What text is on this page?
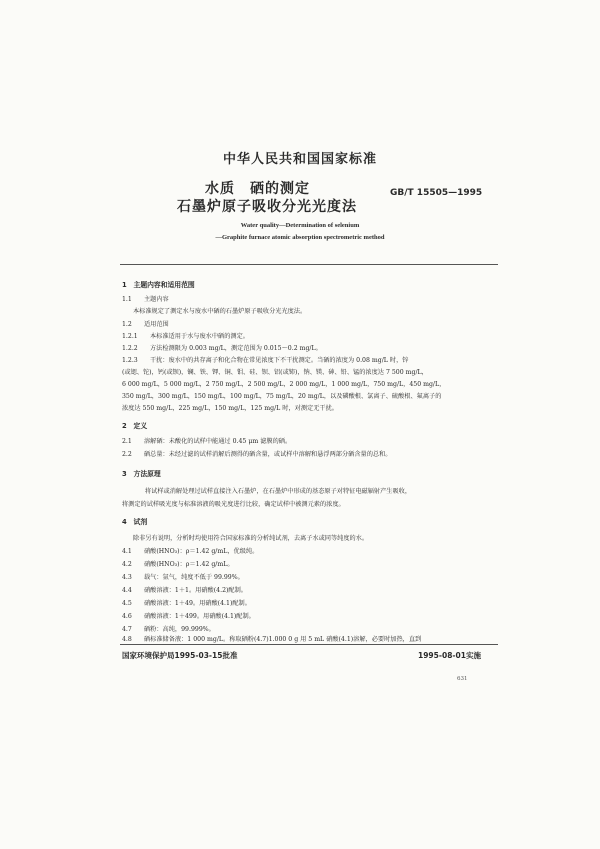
中华人民共和国国家标准
水质　硒的测定
石墨炉原子吸收分光光度法
GB/T 15505—1995
Water quality—Determination of selenium
—Graphite furnace atomic absorption spectrometric method
1　主题内容和适用范围
1.1 主题内容
本标准规定了测定水与废水中硒的石墨炉原子吸收分光光度法。
1.2 适用范围
1.2.1 本标准适用于水与废水中硒的测定。
1.2.2 方法检测限为 0.003 mg/L，测定范围为 0.015～0.2 mg/L。
1.2.3 干扰：废水中的共存离子和化合物在常见浓度下不干扰测定。当硒的浓度为 0.08 mg/L 时，锌
(或锶、铊)，钙(或钡)，镧、铁、钾、铜、钼、硅、钡、铝(或铈)，钠、镁、砷、铅、锰的浓度达 7 500 mg/L，
6 000 mg/L，5 000 mg/L，2 750 mg/L，2 500 mg/L，2 000 mg/L，1 000 mg/L，750 mg/L，450 mg/L，
350 mg/L，300 mg/L，150 mg/L，100 mg/L，75 mg/L，20 mg/L，以及磷酸根、氯离子、硫酸根、氟离子的
浓度达 550 mg/L，225 mg/L，150 mg/L，125 mg/L 时，对测定无干扰。
2　定义
2.1 溶解硒：未酸化的试样中能通过 0.45 μm 滤膜的硒。
2.2 硒总量：未经过滤的试样消解后测得的硒含量，或试样中溶解和悬浮两部分硒含量的总和。
3　方法原理
将试样或消解处理过试样直接注入石墨炉，在石墨炉中形成的基态原子对特征电磁辐射产生吸收，
将测定的试样吸光度与标准溶液的吸光度进行比较，确定试样中被测元素的浓度。
4　试剂
除非另有说明，分析时均使用符合国家标准的分析纯试剂，去离子水或同等纯度的水。
4.1 硝酸(HNO₃)：ρ＝1.42 g/mL，优级纯。
4.2 硝酸(HNO₃)：ρ＝1.42 g/mL。
4.3 载气：氩气，纯度不低于 99.99%。
4.4 硝酸溶液：1＋1。用硝酸(4.2)配制。
4.5 硝酸溶液：1＋49。用硝酸(4.1)配制。
4.6 硝酸溶液：1＋499。用硝酸(4.1)配制。
4.7 硒粉：高纯，99.999%。
4.8 硒标准储备液：1 000 mg/L。称取硒粉(4.7)1.000 0 g 用 5 mL 硝酸(4.1)溶解，必要时加热，直到
国家环境保护局1995-03-15批准	1995-08-01实施
631
